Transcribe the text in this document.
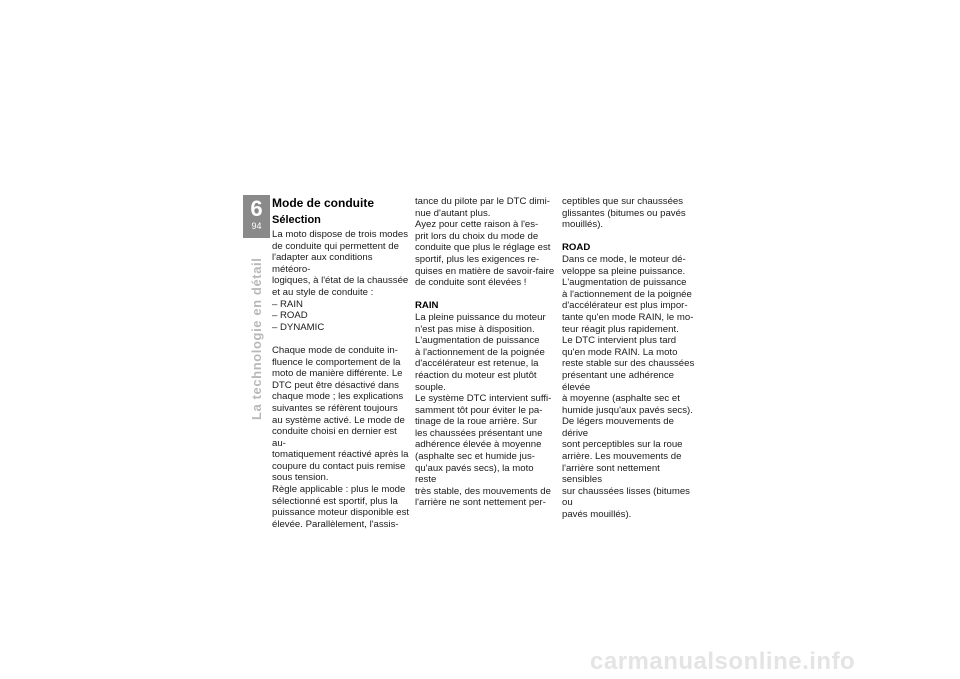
6
94
La technologie en détail
Mode de conduite
Sélection

La moto dispose de trois modes
de conduite qui permettent de
l'adapter aux conditions météoro-
logiques, à l'état de la chaussée
et au style de conduite :

– RAIN

– ROAD

– DYNAMIC

Chaque mode de conduite in-
fluence le comportement de la
moto de manière différente. Le
DTC peut être désactivé dans
chaque mode ; les explications
suivantes se réfèrent toujours
au système activé. Le mode de
conduite choisi en dernier est au-
tomatiquement réactivé après la
coupure du contact puis remise
sous tension.
Règle applicable : plus le mode
sélectionné est sportif, plus la
puissance moteur disponible est
élevée. Parallèlement, l'assis-

tance du pilote par le DTC dimi-
nue d'autant plus.
Ayez pour cette raison à l'es-
prit lors du choix du mode de
conduite que plus le réglage est
sportif, plus les exigences re-
quises en matière de savoir-faire
de conduite sont élevées !

RAIN

La pleine puissance du moteur
n'est pas mise à disposition.
L'augmentation de puissance
à l'actionnement de la poignée
d'accélérateur est retenue, la
réaction du moteur est plutôt
souple.
Le système DTC intervient suffi-
samment tôt pour éviter le pa-
tinage de la roue arrière. Sur
les chaussées présentant une
adhérence élevée à moyenne
(asphalte sec et humide jus-
qu'aux pavés secs), la moto reste
très stable, des mouvements de
l'arrière ne sont nettement per-

ceptibles que sur chaussées
glissantes (bitumes ou pavés
mouillés).

ROAD

Dans ce mode, le moteur dé-
veloppe sa pleine puissance.
L'augmentation de puissance
à l'actionnement de la poignée
d'accélérateur est plus impor-
tante qu'en mode RAIN, le mo-
teur réagit plus rapidement.
Le DTC intervient plus tard
qu'en mode RAIN. La moto
reste stable sur des chaussées
présentant une adhérence élevée
à moyenne (asphalte sec et
humide jusqu'aux pavés secs).
De légers mouvements de dérive
sont perceptibles sur la roue
arrière. Les mouvements de
l'arrière sont nettement sensibles
sur chaussées lisses (bitumes ou
pavés mouillés).

carmanualsonline.info
